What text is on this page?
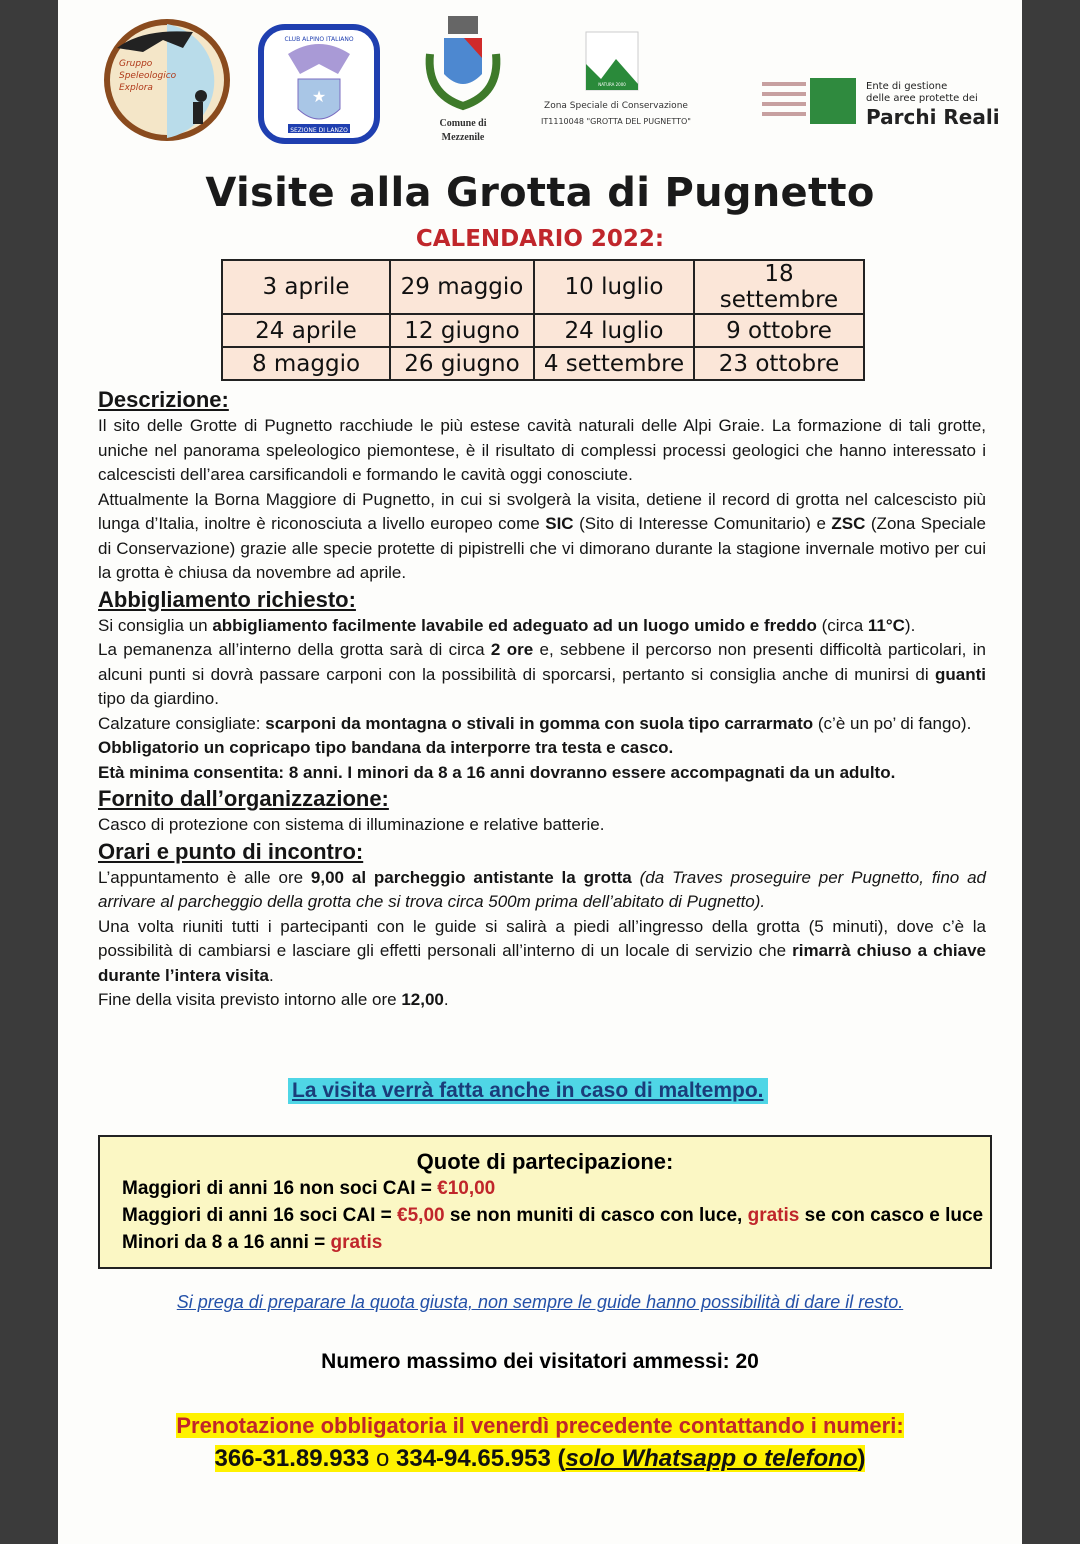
Gruppo
Speleologico
Explora	★
SEZIONE DI LANZO
CLUB ALPINO ITALIANO
Comune di
Mezzenile
NATURA 2000
Zona Speciale di Conservazione
IT1110048 "GROTTA DEL PUGNETTO"
Ente di gestione
delle aree protette dei
Parchi Reali
Visite alla Grotta di Pugnetto
CALENDARIO 2022:
3 aprile	29 maggio	10 luglio	18 settembre
24 aprile	12 giugno	24 luglio	9 ottobre
8 maggio	26 giugno	4 settembre	23 ottobre
Descrizione:

Il sito delle Grotte di Pugnetto racchiude le più estese cavità naturali delle Alpi Graie. La formazione di tali grotte, uniche nel panorama speleologico piemontese, è il risultato di complessi processi geologici che hanno interessato i calcescisti dell’area carsificandoli e formando le cavità oggi conosciute.

Attualmente la Borna Maggiore di Pugnetto, in cui si svolgerà la visita, detiene il record di grotta nel calcescisto più lunga d’Italia, inoltre è riconosciuta a livello europeo come SIC (Sito di Interesse Comunitario) e ZSC (Zona Speciale di Conservazione) grazie alle specie protette di pipistrelli che vi dimorano durante la stagione invernale motivo per cui la grotta è chiusa da novembre ad aprile.

Abbigliamento richiesto:

Si consiglia un abbigliamento facilmente lavabile ed adeguato ad un luogo umido e freddo (circa 11°C).

La pemanenza all’interno della grotta sarà di circa 2 ore e, sebbene il percorso non presenti difficoltà particolari, in alcuni punti si dovrà passare carponi con la possibilità di sporcarsi, pertanto si consiglia anche di munirsi di guanti tipo da giardino.

Calzature consigliate: scarponi da montagna o stivali in gomma con suola tipo carrarmato (c’è un po’ di fango).

Obbligatorio un copricapo tipo bandana da interporre tra testa e casco.

Età minima consentita: 8 anni. I minori da 8 a 16 anni dovranno essere accompagnati da un adulto.

Fornito dall’organizzazione:

Casco di protezione con sistema di illuminazione e relative batterie.

Orari e punto di incontro:

L’appuntamento è alle ore 9,00 al parcheggio antistante la grotta (da Traves proseguire per Pugnetto, fino ad arrivare al parcheggio della grotta che si trova circa 500m prima dell’abitato di Pugnetto).

Una volta riuniti tutti i partecipanti con le guide si salirà a piedi all’ingresso della grotta (5 minuti), dove c’è la possibilità di cambiarsi e lasciare gli effetti personali all’interno di un locale di servizio che rimarrà chiuso a chiave durante l’intera visita.

Fine della visita previsto intorno alle ore 12,00.

La visita verrà fatta anche in caso di maltempo.
Quote di partecipazione:
Maggiori di anni 16 non soci CAI = €10,00
Maggiori di anni 16 soci CAI = €5,00 se non muniti di casco con luce, gratis se con casco e luce
Minori da 8 a 16 anni = gratis
Si prega di preparare la quota giusta, non sempre le guide hanno possibilità di dare il resto.
Numero massimo dei visitatori ammessi: 20
Prenotazione obbligatoria il venerdì precedente contattando i numeri:
366-31.89.933 o 334-94.65.953 (solo Whatsapp o telefono)
